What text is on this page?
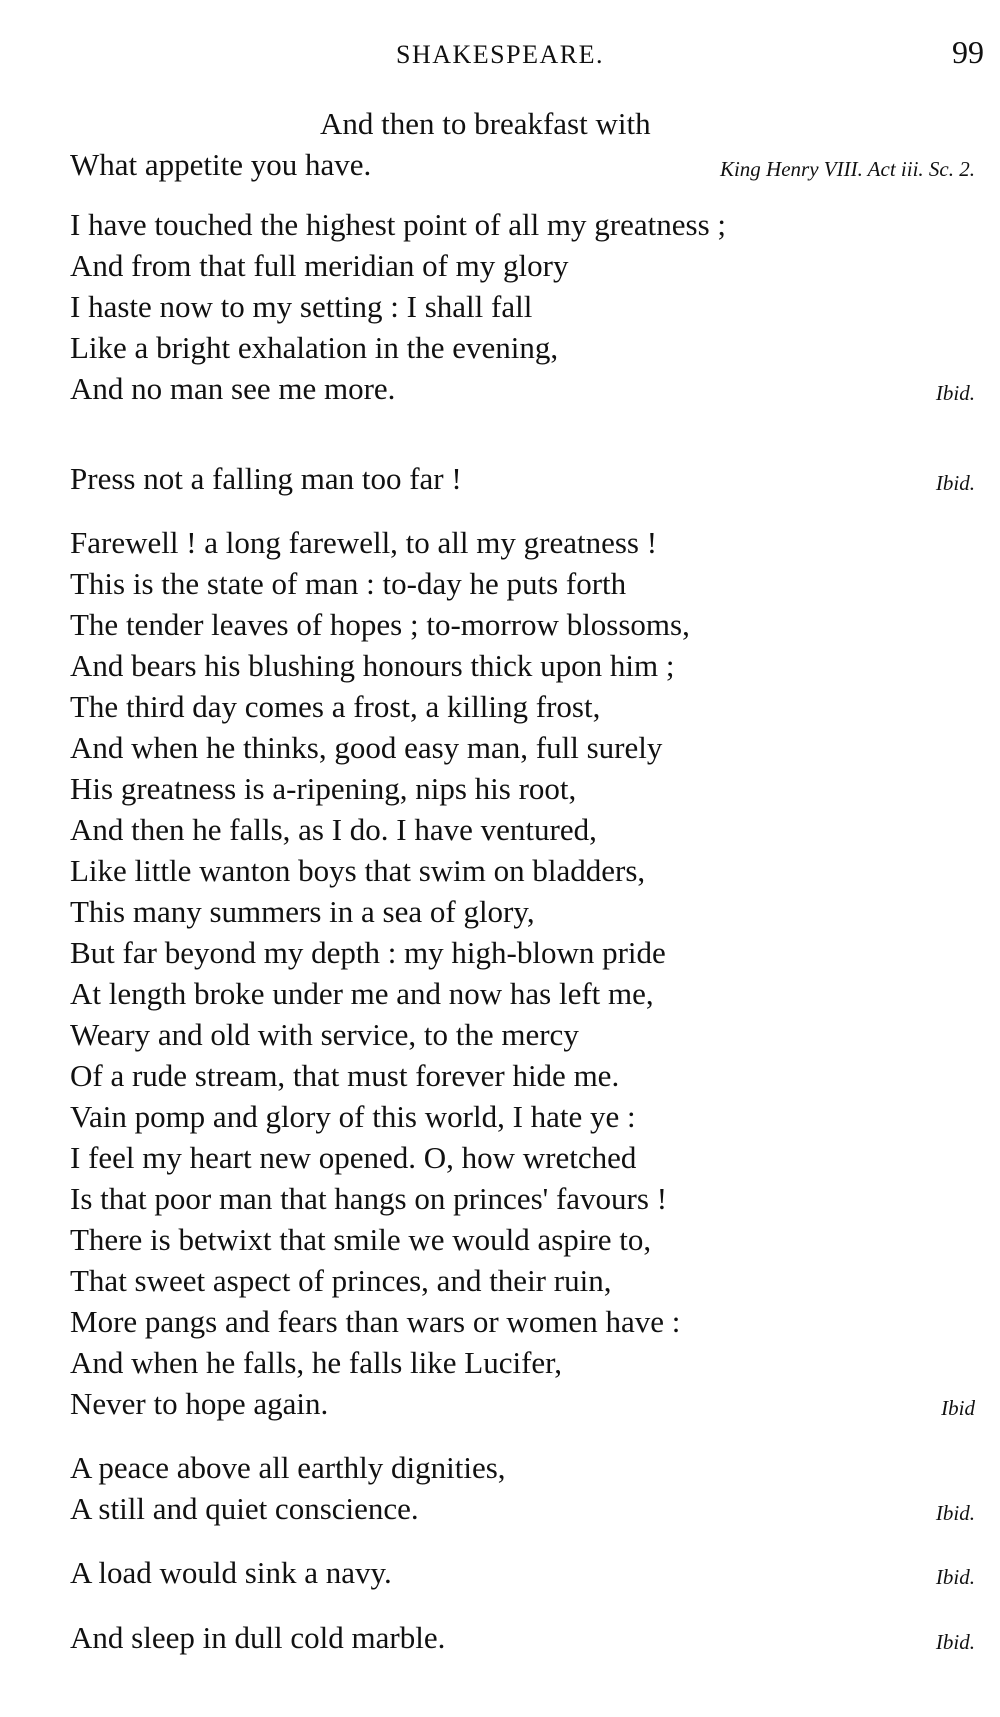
SHAKESPEARE.	99
And then to breakfast with
What appetite you have.	King Henry VIII. Act iii. Sc. 2.
I have touched the highest point of all my greatness ;
And from that full meridian of my glory
I haste now to my setting : I shall fall
Like a bright exhalation in the evening,
And no man see me more.	Ibid.
Press not a falling man too far !	Ibid.
Farewell ! a long farewell, to all my greatness !
This is the state of man : to-day he puts forth
The tender leaves of hopes ; to-morrow blossoms,
And bears his blushing honours thick upon him ;
The third day comes a frost, a killing frost,
And when he thinks, good easy man, full surely
His greatness is a-ripening, nips his root,
And then he falls, as I do. I have ventured,
Like little wanton boys that swim on bladders,
This many summers in a sea of glory,
But far beyond my depth : my high-blown pride
At length broke under me and now has left me,
Weary and old with service, to the mercy
Of a rude stream, that must forever hide me.
Vain pomp and glory of this world, I hate ye :
I feel my heart new opened. O, how wretched
Is that poor man that hangs on princes' favours !
There is betwixt that smile we would aspire to,
That sweet aspect of princes, and their ruin,
More pangs and fears than wars or women have :
And when he falls, he falls like Lucifer,
Never to hope again.	Ibid
A peace above all earthly dignities,
A still and quiet conscience.	Ibid.
A load would sink a navy.	Ibid.
And sleep in dull cold marble.	Ibid.
